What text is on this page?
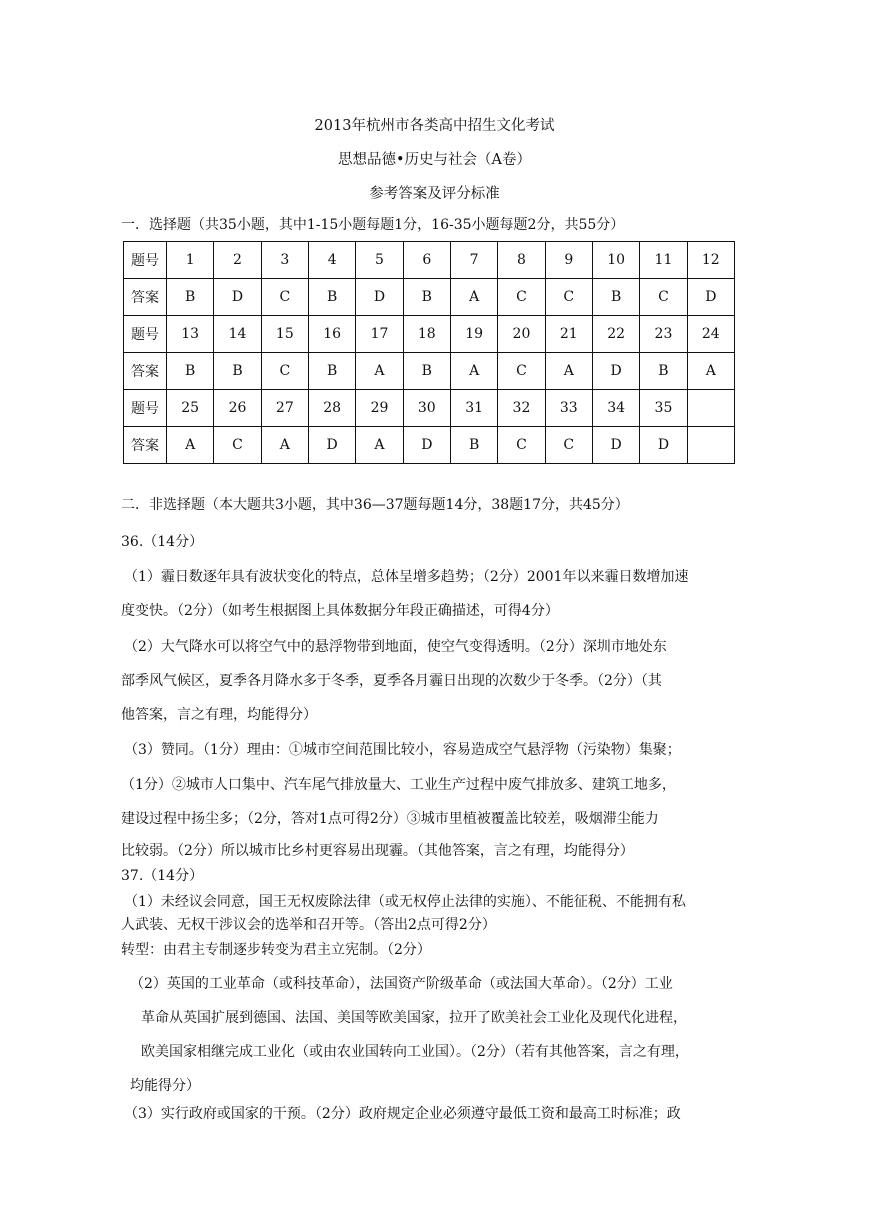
2013年杭州市各类高中招生文化考试
思想品德•历史与社会（A卷）
参考答案及评分标准
一．选择题（共35小题，其中1-15小题每题1分，16-35小题每题2分，共55分）
题号	1	2	3	4	5	6	7	8	9	10	11	12
答案	B	D	C	B	D	B	A	C	C	B	C	D
题号	13	14	15	16	17	18	19	20	21	22	23	24
答案	B	B	C	B	A	B	A	C	A	D	B	A
题号	25	26	27	28	29	30	31	32	33	34	35	
答案	A	C	A	D	A	D	B	C	C	D	D	
二．非选择题（本大题共3小题，其中36—37题每题14分，38题17分，共45分）
36.（14分）
（1）霾日数逐年具有波状变化的特点，总体呈增多趋势；（2分）2001年以来霾日数增加速
度变快。（2分）（如考生根据图上具体数据分年段正确描述，可得4分）
（2）大气降水可以将空气中的悬浮物带到地面，使空气变得透明。（2分）深圳市地处东
部季风气候区，夏季各月降水多于冬季，夏季各月霾日出现的次数少于冬季。（2分）（其
他答案，言之有理，均能得分）
（3）赞同。（1分）理由：①城市空间范围比较小，容易造成空气悬浮物（污染物）集聚；
（1分）②城市人口集中、汽车尾气排放量大、工业生产过程中废气排放多、建筑工地多，
建设过程中扬尘多；（2分，答对1点可得2分）③城市里植被覆盖比较差，吸烟滞尘能力
比较弱。（2分）所以城市比乡村更容易出现霾。（其他答案，言之有理，均能得分）
37.（14分）
（1）未经议会同意，国王无权废除法律（或无权停止法律的实施）、不能征税、不能拥有私
人武装、无权干涉议会的选举和召开等。（答出2点可得2分）
转型：由君主专制逐步转变为君主立宪制。（2分）
（2）英国的工业革命（或科技革命），法国资产阶级革命（或法国大革命）。（2分）工业
革命从英国扩展到德国、法国、美国等欧美国家，拉开了欧美社会工业化及现代化进程，
欧美国家相继完成工业化（或由农业国转向工业国）。（2分）（若有其他答案，言之有理，
均能得分）
（3）实行政府或国家的干预。（2分）政府规定企业必须遵守最低工资和最高工时标准；政
